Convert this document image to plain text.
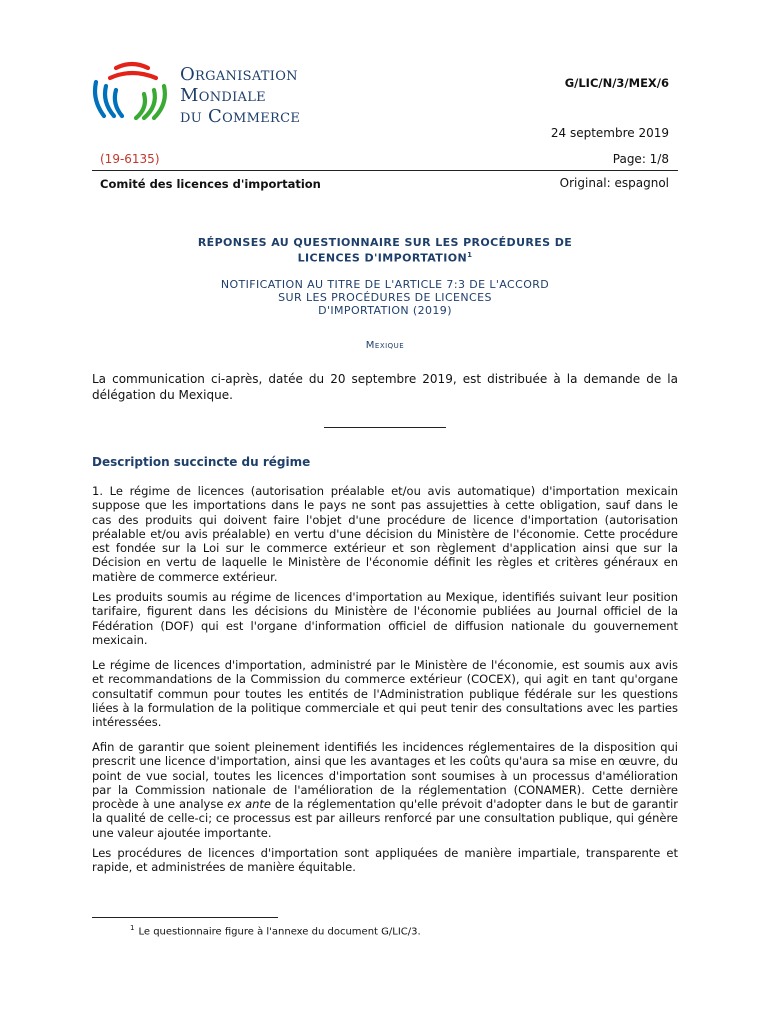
Organisation
Mondiale
du Commerce
G/LIC/N/3/MEX/6
24 septembre 2019
(19-6135)	Page: 1/8
Comité des licences d'importation	Original: espagnol
RÉPONSES AU QUESTIONNAIRE SUR LES PROCÉDURES DE
LICENCES D'IMPORTATION$^1$
NOTIFICATION AU TITRE DE L'ARTICLE 7:3 DE L'ACCORD
SUR LES PROCÉDURES DE LICENCES
D'IMPORTATION (2019)
Mexique
La communication ci-après, datée du 20 septembre 2019, est distribuée à la demande de la délégation du Mexique.
Description succincte du régime
1. Le régime de licences (autorisation préalable et/ou avis automatique) d'importation mexicain suppose que les importations dans le pays ne sont pas assujetties à cette obligation, sauf dans le cas des produits qui doivent faire l'objet d'une procédure de licence d'importation (autorisation préalable et/ou avis préalable) en vertu d'une décision du Ministère de l'économie. Cette procédure est fondée sur la Loi sur le commerce extérieur et son règlement d'application ainsi que sur la Décision en vertu de laquelle le Ministère de l'économie définit les règles et critères généraux en matière de commerce extérieur.
Les produits soumis au régime de licences d'importation au Mexique, identifiés suivant leur position tarifaire, figurent dans les décisions du Ministère de l'économie publiées au Journal officiel de la Fédération (DOF) qui est l'organe d'information officiel de diffusion nationale du gouvernement mexicain.
Le régime de licences d'importation, administré par le Ministère de l'économie, est soumis aux avis et recommandations de la Commission du commerce extérieur (COCEX), qui agit en tant qu'organe consultatif commun pour toutes les entités de l'Administration publique fédérale sur les questions liées à la formulation de la politique commerciale et qui peut tenir des consultations avec les parties intéressées.
Afin de garantir que soient pleinement identifiés les incidences réglementaires de la disposition qui prescrit une licence d'importation, ainsi que les avantages et les coûts qu'aura sa mise en œuvre, du point de vue social, toutes les licences d'importation sont soumises à un processus d'amélioration par la Commission nationale de l'amélioration de la réglementation (CONAMER). Cette dernière procède à une analyse ex ante de la réglementation qu'elle prévoit d'adopter dans le but de garantir la qualité de celle-ci; ce processus est par ailleurs renforcé par une consultation publique, qui génère une valeur ajoutée importante.
Les procédures de licences d'importation sont appliquées de manière impartiale, transparente et rapide, et administrées de manière équitable.
$^1$ Le questionnaire figure à l'annexe du document G/LIC/3.
